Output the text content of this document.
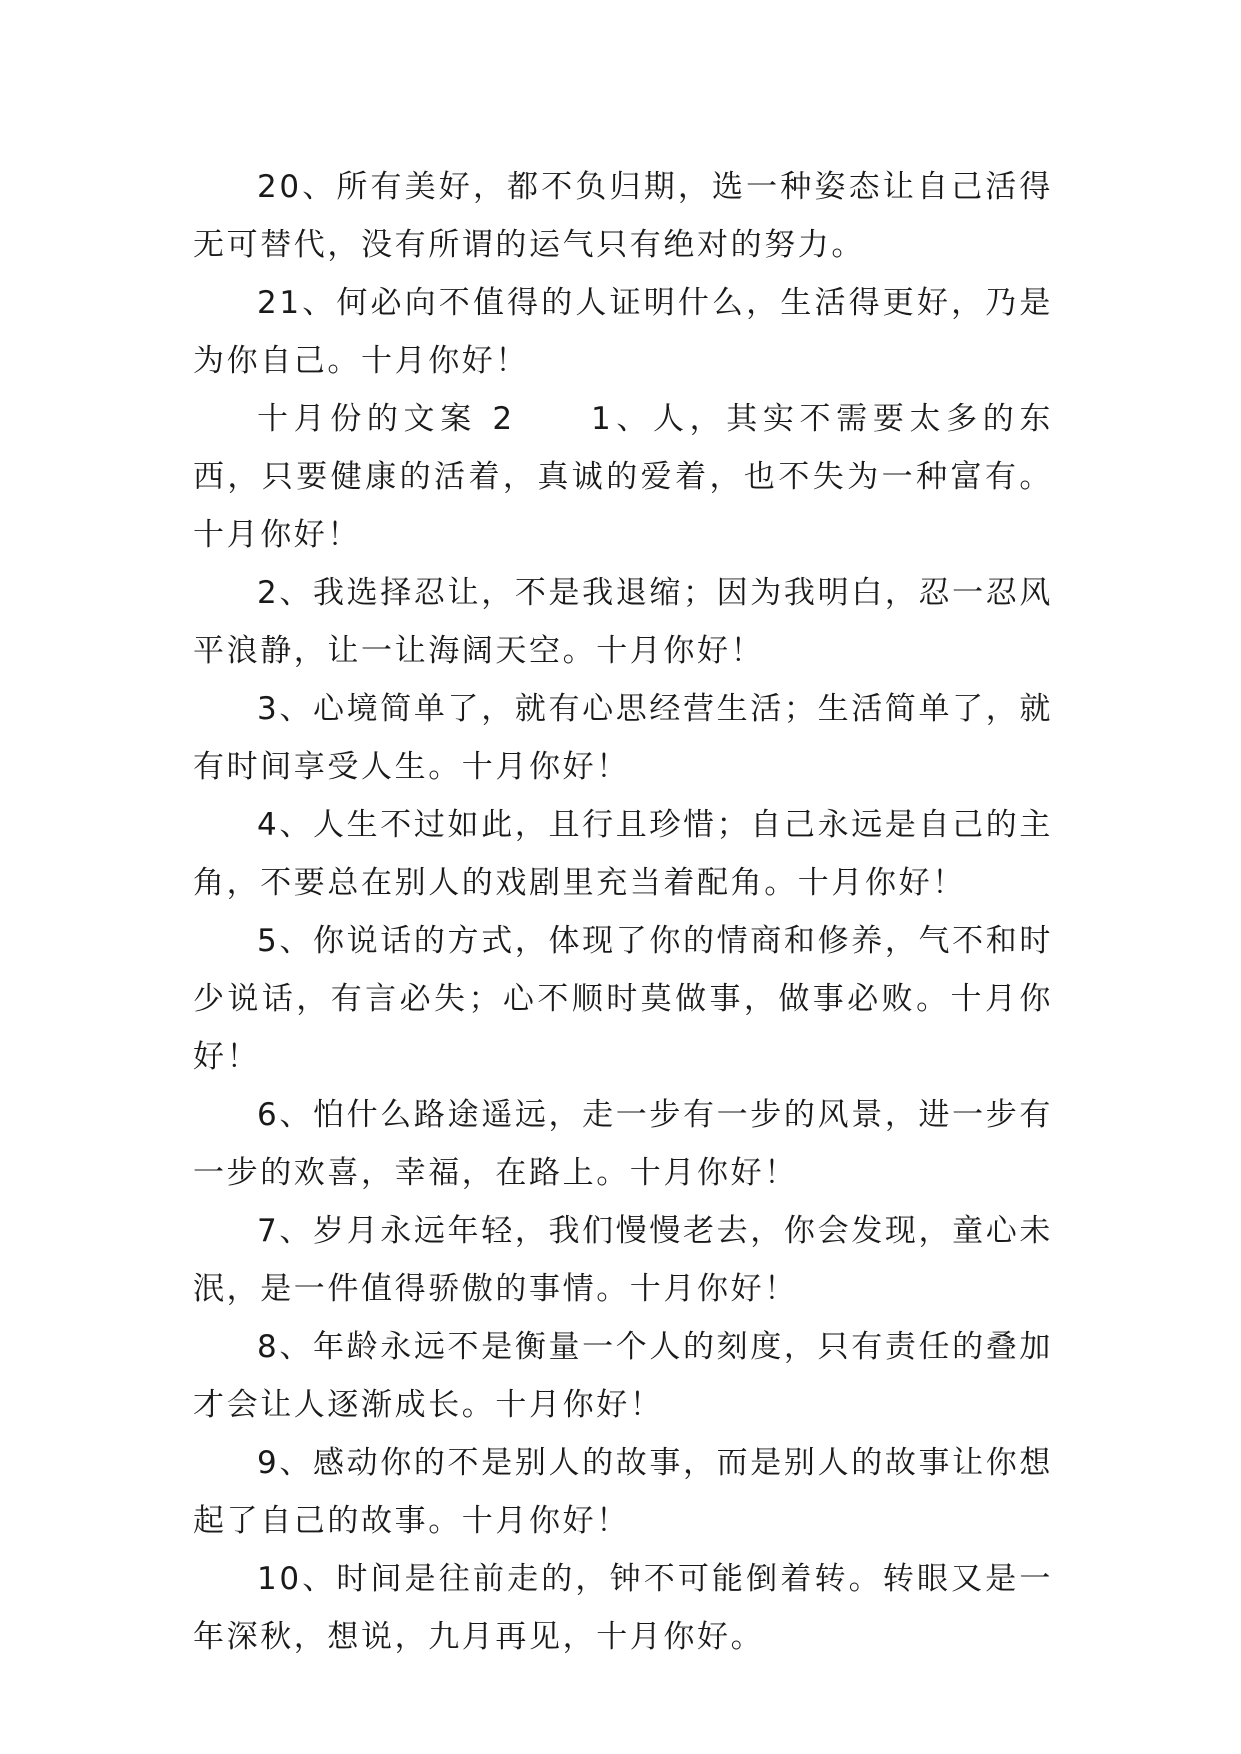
20、所有美好，都不负归期，选一种姿态让自己活得无可替代，没有所谓的运气只有绝对的努力。

21、何必向不值得的人证明什么，生活得更好，乃是为你自己。十月你好！

十月份的文案 2　　1、人，其实不需要太多的东西，只要健康的活着，真诚的爱着，也不失为一种富有。十月你好！

2、我选择忍让，不是我退缩；因为我明白，忍一忍风平浪静，让一让海阔天空。十月你好！

3、心境简单了，就有心思经营生活；生活简单了，就有时间享受人生。十月你好！

4、人生不过如此，且行且珍惜；自己永远是自己的主角，不要总在别人的戏剧里充当着配角。十月你好！

5、你说话的方式，体现了你的情商和修养，气不和时少说话，有言必失；心不顺时莫做事，做事必败。十月你好！

6、怕什么路途遥远，走一步有一步的风景，进一步有一步的欢喜，幸福，在路上。十月你好！

7、岁月永远年轻，我们慢慢老去，你会发现，童心未泯，是一件值得骄傲的事情。十月你好！

8、年龄永远不是衡量一个人的刻度，只有责任的叠加才会让人逐渐成长。十月你好！

9、感动你的不是别人的故事，而是别人的故事让你想起了自己的故事。十月你好！

10、时间是往前走的，钟不可能倒着转。转眼又是一年深秋，想说，九月再见，十月你好。
